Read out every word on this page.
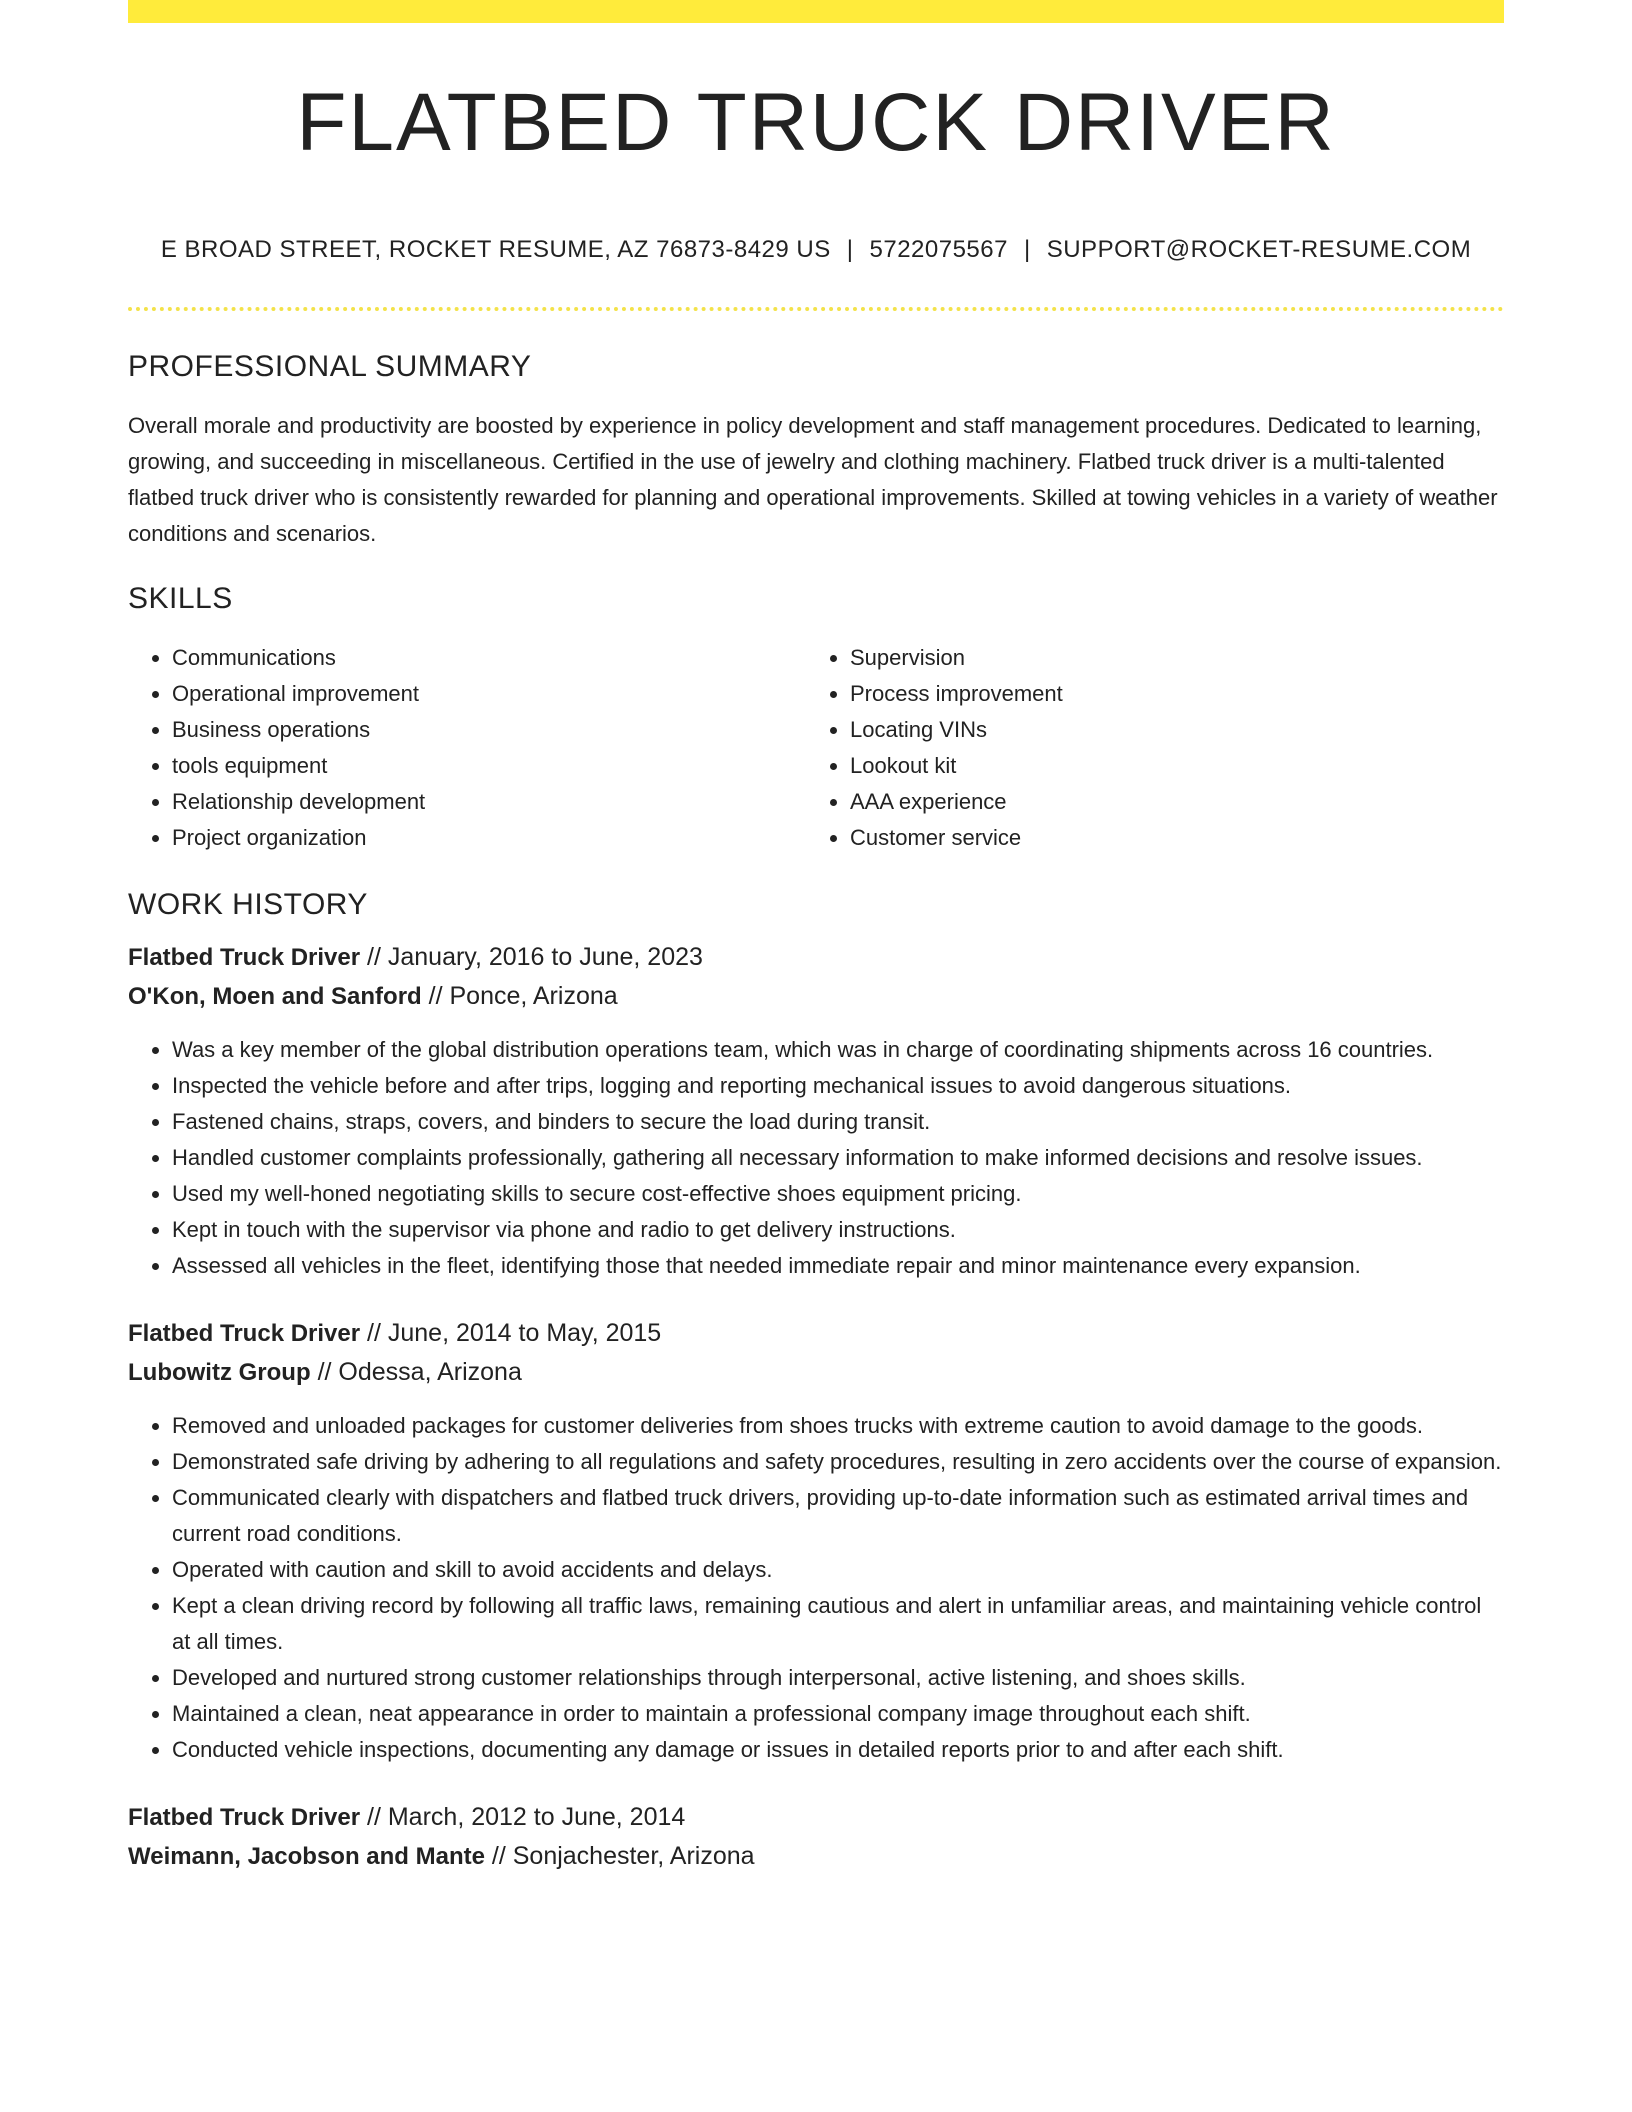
FLATBED TRUCK DRIVER
E BROAD STREET, ROCKET RESUME, AZ 76873-8429 US | 5722075567 | SUPPORT@ROCKET-RESUME.COM
PROFESSIONAL SUMMARY

Overall morale and productivity are boosted by experience in policy development and staff management procedures. Dedicated to learning, growing, and succeeding in miscellaneous. Certified in the use of jewelry and clothing machinery. Flatbed truck driver is a multi-talented flatbed truck driver who is consistently rewarded for planning and operational improvements. Skilled at towing vehicles in a variety of weather conditions and scenarios.

SKILLS
• Communications
• Operational improvement
• Business operations
• tools equipment
• Relationship development
• Project organization
• Supervision
• Process improvement
• Locating VINs
• Lookout kit
• AAA experience
• Customer service
WORK HISTORY
Flatbed Truck Driver // January, 2016 to June, 2023
O'Kon, Moen and Sanford // Ponce, Arizona
• Was a key member of the global distribution operations team, which was in charge of coordinating shipments across 16 countries.
• Inspected the vehicle before and after trips, logging and reporting mechanical issues to avoid dangerous situations.
• Fastened chains, straps, covers, and binders to secure the load during transit.
• Handled customer complaints professionally, gathering all necessary information to make informed decisions and resolve issues.
• Used my well-honed negotiating skills to secure cost-effective shoes equipment pricing.
• Kept in touch with the supervisor via phone and radio to get delivery instructions.
• Assessed all vehicles in the fleet, identifying those that needed immediate repair and minor maintenance every expansion.
Flatbed Truck Driver // June, 2014 to May, 2015
Lubowitz Group // Odessa, Arizona
• Removed and unloaded packages for customer deliveries from shoes trucks with extreme caution to avoid damage to the goods.
• Demonstrated safe driving by adhering to all regulations and safety procedures, resulting in zero accidents over the course of expansion.
• Communicated clearly with dispatchers and flatbed truck drivers, providing up-to-date information such as estimated arrival times and current road conditions.
• Operated with caution and skill to avoid accidents and delays.
• Kept a clean driving record by following all traffic laws, remaining cautious and alert in unfamiliar areas, and maintaining vehicle control at all times.
• Developed and nurtured strong customer relationships through interpersonal, active listening, and shoes skills.
• Maintained a clean, neat appearance in order to maintain a professional company image throughout each shift.
• Conducted vehicle inspections, documenting any damage or issues in detailed reports prior to and after each shift.
Flatbed Truck Driver // March, 2012 to June, 2014
Weimann, Jacobson and Mante // Sonjachester, Arizona
